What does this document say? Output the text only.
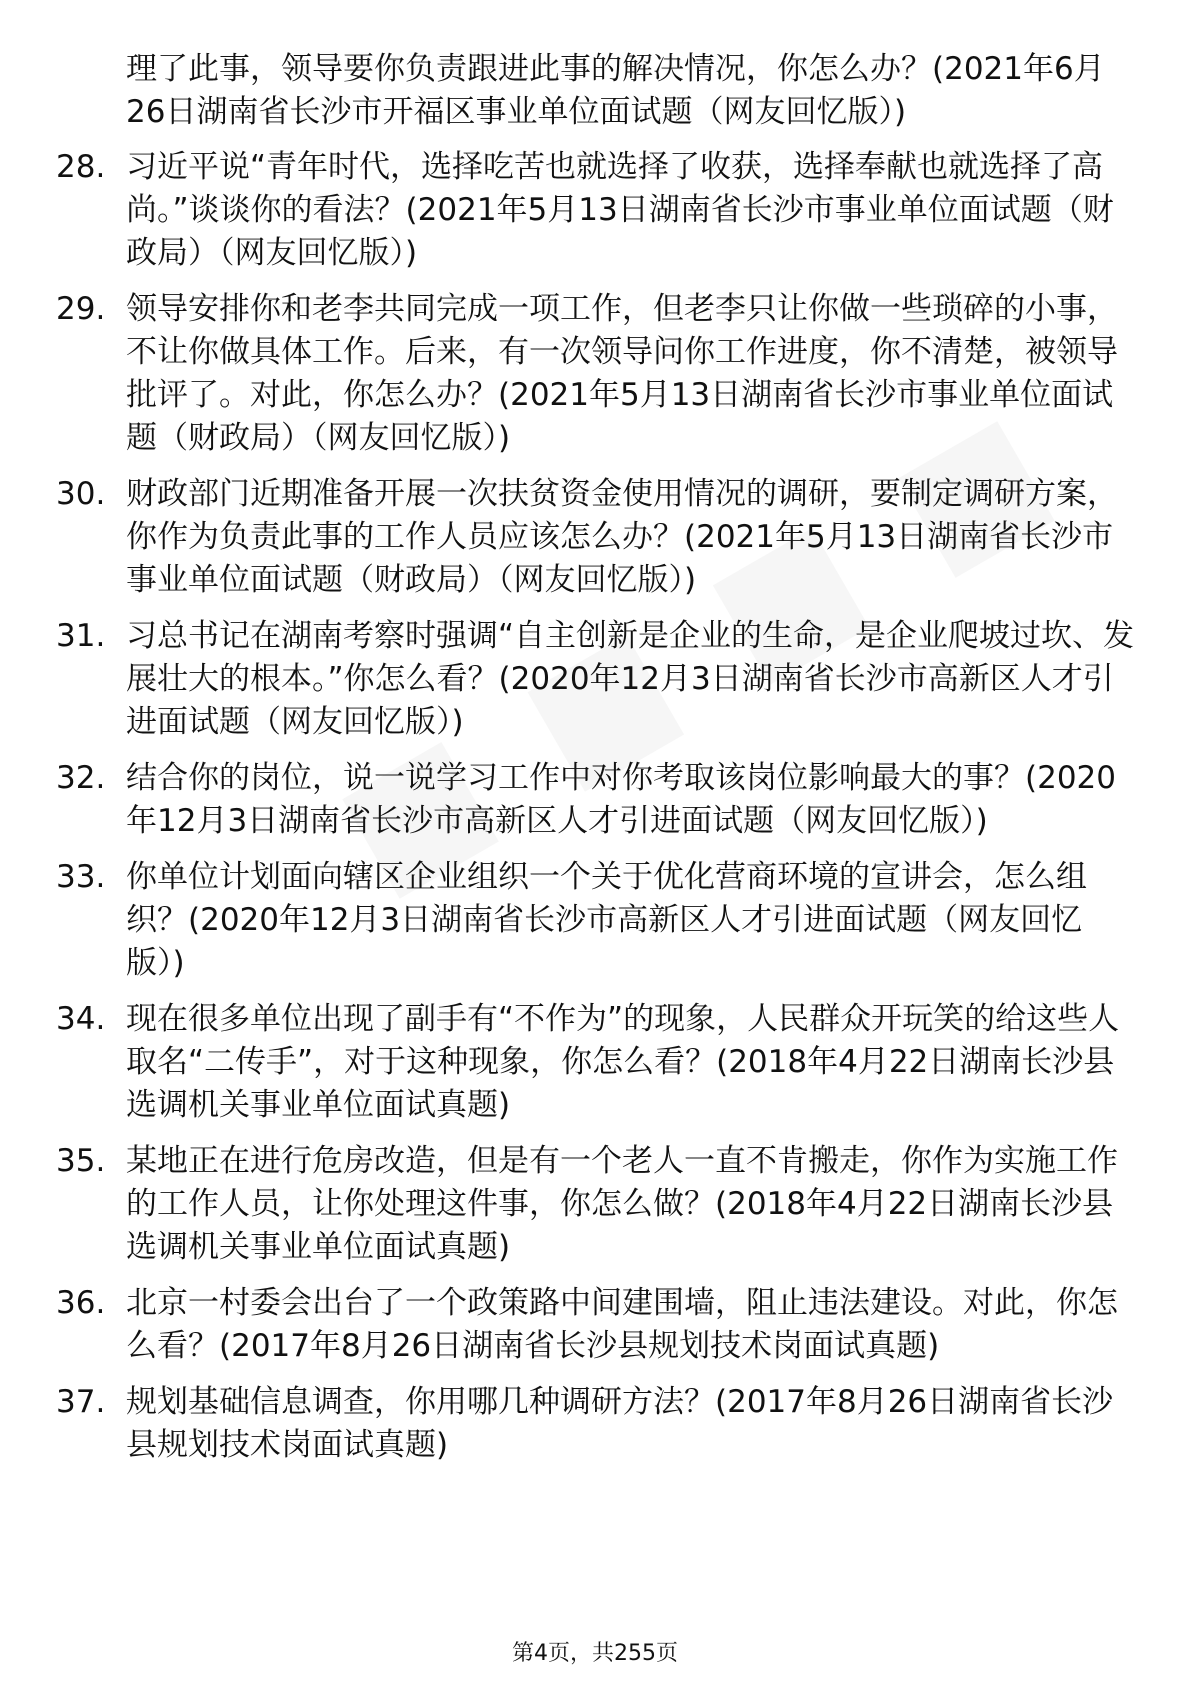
理了此事，领导要你负责跟进此事的解决情况，你怎么办？(2021年6月26日湖南省长沙市开福区事业单位面试题（网友回忆版）)

28. 习近平说“青年时代，选择吃苦也就选择了收获，选择奉献也就选择了高尚。”谈谈你的看法？(2021年5月13日湖南省长沙市事业单位面试题（财政局）（网友回忆版）)
29. 领导安排你和老李共同完成一项工作，但老李只让你做一些琐碎的小事，不让你做具体工作。后来，有一次领导问你工作进度，你不清楚，被领导批评了。对此，你怎么办？(2021年5月13日湖南省长沙市事业单位面试题（财政局）（网友回忆版）)
30. 财政部门近期准备开展一次扶贫资金使用情况的调研，要制定调研方案，你作为负责此事的工作人员应该怎么办？(2021年5月13日湖南省长沙市事业单位面试题（财政局）（网友回忆版）)
31. 习总书记在湖南考察时强调“自主创新是企业的生命，是企业爬坡过坎、发展壮大的根本。”你怎么看？(2020年12月3日湖南省长沙市高新区人才引进面试题（网友回忆版）)
32. 结合你的岗位，说一说学习工作中对你考取该岗位影响最大的事？(2020年12月3日湖南省长沙市高新区人才引进面试题（网友回忆版）)
33. 你单位计划面向辖区企业组织一个关于优化营商环境的宣讲会，怎么组织？(2020年12月3日湖南省长沙市高新区人才引进面试题（网友回忆版）)
34. 现在很多单位出现了副手有“不作为”的现象，人民群众开玩笑的给这些人取名“二传手”，对于这种现象，你怎么看？(2018年4月22日湖南长沙县选调机关事业单位面试真题)
35. 某地正在进行危房改造，但是有一个老人一直不肯搬走，你作为实施工作的工作人员，让你处理这件事，你怎么做？(2018年4月22日湖南长沙县选调机关事业单位面试真题)
36. 北京一村委会出台了一个政策路中间建围墙，阻止违法建设。对此，你怎么看？(2017年8月26日湖南省长沙县规划技术岗面试真题)
37. 规划基础信息调查，你用哪几种调研方法？(2017年8月26日湖南省长沙县规划技术岗面试真题)
第4页，共255页
